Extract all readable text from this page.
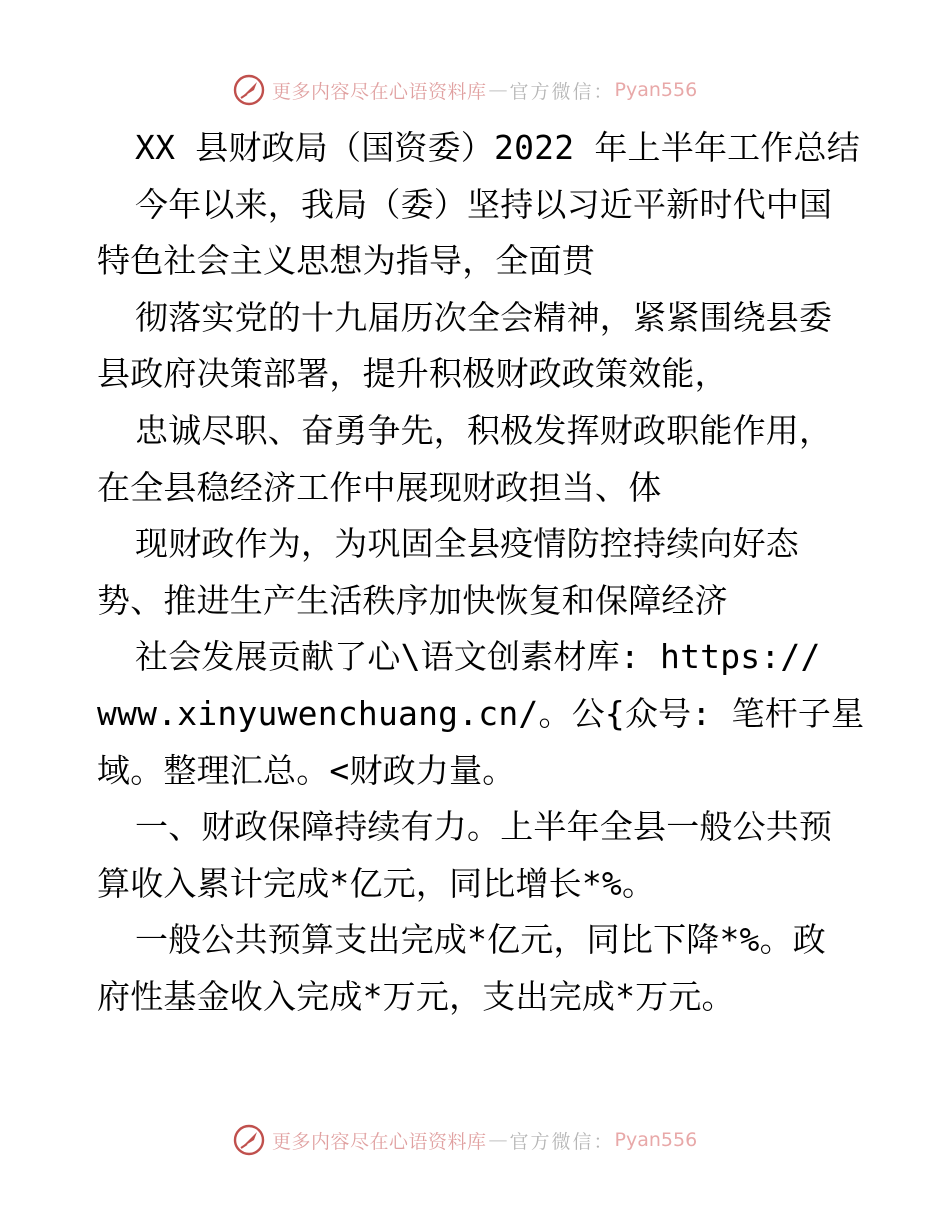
更多内容尽在心语资料库 — 官方微信： Pyan556
XX 县财政局（国资委）2022 年上半年工作总结
今年以来，我局（委）坚持以习近平新时代中国
特色社会主义思想为指导，全面贯
彻落实党的十九届历次全会精神，紧紧围绕县委
县政府决策部署，提升积极财政政策效能，
忠诚尽职、奋勇争先，积极发挥财政职能作用，
在全县稳经济工作中展现财政担当、体
现财政作为，为巩固全县疫情防控持续向好态
势、推进生产生活秩序加快恢复和保障经济
社会发展贡献了心\语文创素材库: https://
www.xinyuwenchuang.cn/。公{众号: 笔杆子星
域。整理汇总。<财政力量。
一、财政保障持续有力。上半年全县一般公共预
算收入累计完成*亿元，同比增长*%。
一般公共预算支出完成*亿元，同比下降*%。政
府性基金收入完成*万元，支出完成*万元。
更多内容尽在心语资料库 — 官方微信： Pyan556
